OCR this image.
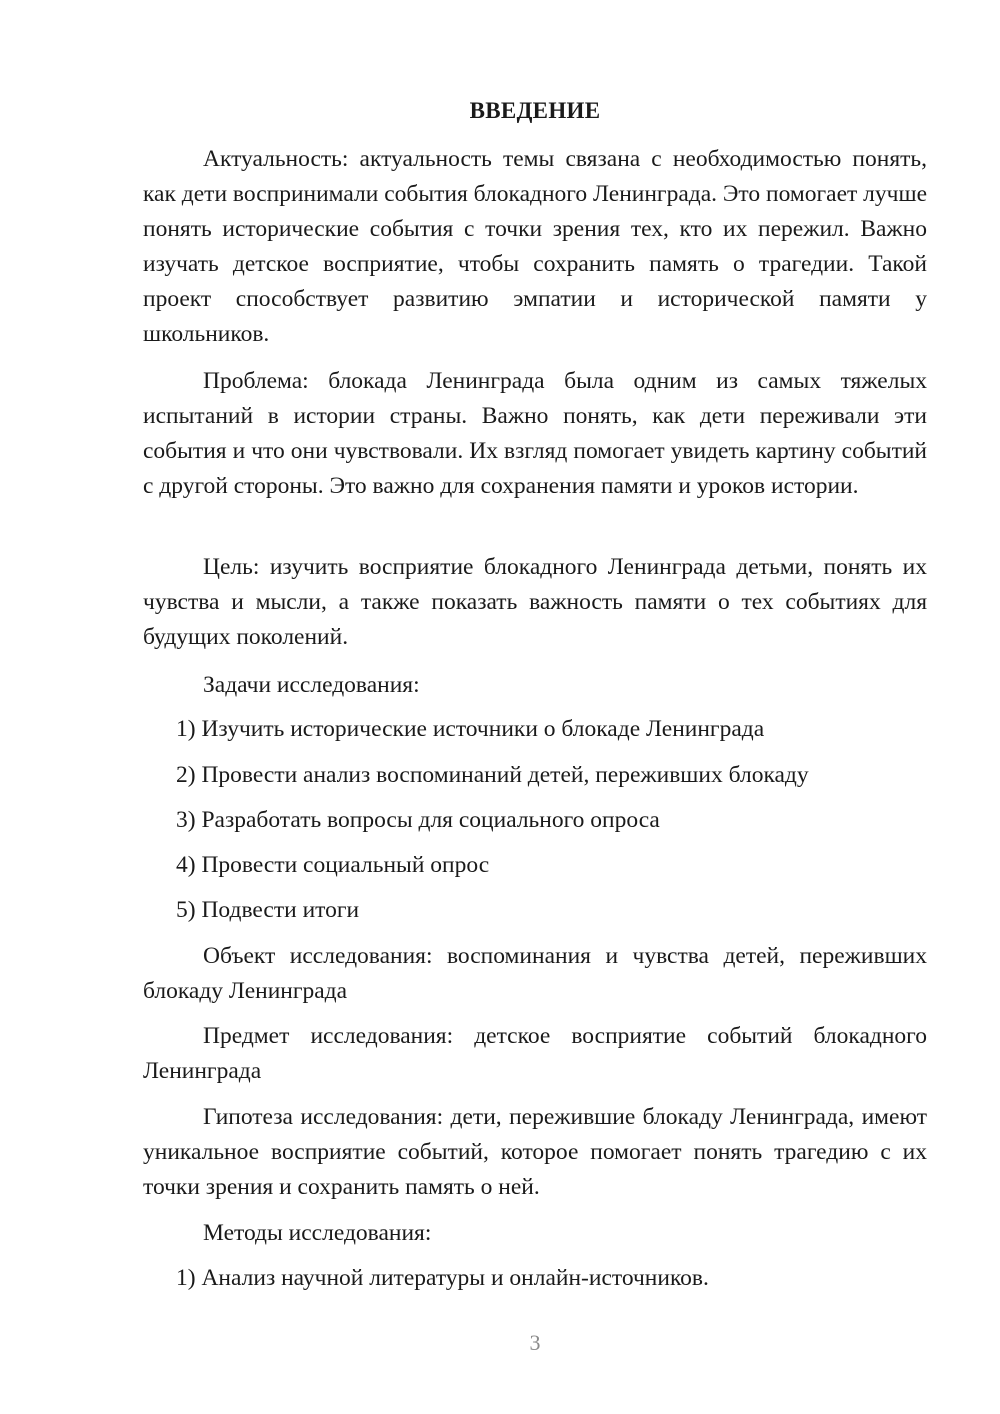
ВВЕДЕНИЕ

Актуальность: актуальность темы связана с необходимостью понять, как дети воспринимали события блокадного Ленинграда. Это помогает лучше понять исторические события с точки зрения тех, кто их пережил. Важно изучать детское восприятие, чтобы сохранить память о трагедии. Такой проект способствует развитию эмпатии и исторической памяти у школьников.

Проблема: блокада Ленинграда была одним из самых тяжелых испытаний в истории страны. Важно понять, как дети переживали эти события и что они чувствовали. Их взгляд помогает увидеть картину событий с другой стороны. Это важно для сохранения памяти и уроков истории.

Цель: изучить восприятие блокадного Ленинграда детьми, понять их чувства и мысли, а также показать важность памяти о тех событиях для будущих поколений.

Задачи исследования:

1) Изучить исторические источники о блокаде Ленинграда

2) Провести анализ воспоминаний детей, переживших блокаду

3) Разработать вопросы для социального опроса

4) Провести социальный опрос

5) Подвести итоги

Объект исследования: воспоминания и чувства детей, переживших блокаду Ленинграда

Предмет исследования: детское восприятие событий блокадного Ленинграда

Гипотеза исследования: дети, пережившие блокаду Ленинграда, имеют уникальное восприятие событий, которое помогает понять трагедию с их точки зрения и сохранить память о ней.

Методы исследования:

1) Анализ научной литературы и онлайн-источников.

3
